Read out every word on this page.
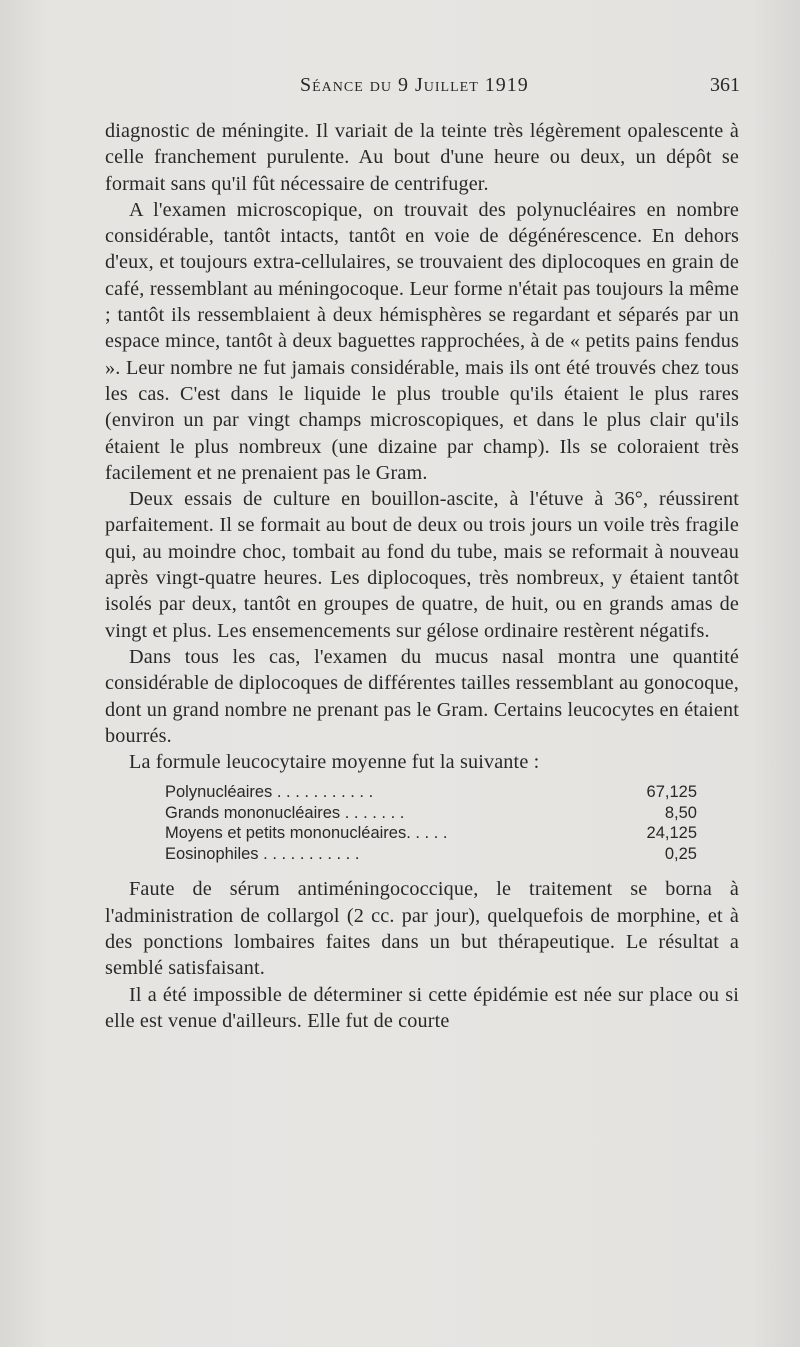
Séance du 9 Juillet 1919	361

diagnostic de méningite. Il variait de la teinte très légèrement opalescente à celle franchement purulente. Au bout d'une heure ou deux, un dépôt se formait sans qu'il fût nécessaire de centrifuger.

A l'examen microscopique, on trouvait des polynucléaires en nombre considérable, tantôt intacts, tantôt en voie de dégénérescence. En dehors d'eux, et toujours extra-cellulaires, se trouvaient des diplocoques en grain de café, ressemblant au méningocoque. Leur forme n'était pas toujours la même ; tantôt ils ressemblaient à deux hémisphères se regardant et séparés par un espace mince, tantôt à deux baguettes rapprochées, à de « petits pains fendus ». Leur nombre ne fut jamais considérable, mais ils ont été trouvés chez tous les cas. C'est dans le liquide le plus trouble qu'ils étaient le plus rares (environ un par vingt champs microscopiques, et dans le plus clair qu'ils étaient le plus nombreux (une dizaine par champ). Ils se coloraient très facilement et ne prenaient pas le Gram.

Deux essais de culture en bouillon-ascite, à l'étuve à 36°, réussirent parfaitement. Il se formait au bout de deux ou trois jours un voile très fragile qui, au moindre choc, tombait au fond du tube, mais se reformait à nouveau après vingt-quatre heures. Les diplocoques, très nombreux, y étaient tantôt isolés par deux, tantôt en groupes de quatre, de huit, ou en grands amas de vingt et plus. Les ensemencements sur gélose ordinaire restèrent négatifs.

Dans tous les cas, l'examen du mucus nasal montra une quantité considérable de diplocoques de différentes tailles ressemblant au gonocoque, dont un grand nombre ne prenant pas le Gram. Certains leucocytes en étaient bourrés.

La formule leucocytaire moyenne fut la suivante :

Polynucléaires . . . . . . . . . . .	67,125
Grands mononucléaires . . . . . . .	8,50
Moyens et petits mononucléaires. . . . .	24,125
Eosinophiles . . . . . . . . . . .	0,25

Faute de sérum antiméningococcique, le traitement se borna à l'administration de collargol (2 cc. par jour), quelquefois de morphine, et à des ponctions lombaires faites dans un but thérapeutique. Le résultat a semblé satisfaisant.

Il a été impossible de déterminer si cette épidémie est née sur place ou si elle est venue d'ailleurs. Elle fut de courte
